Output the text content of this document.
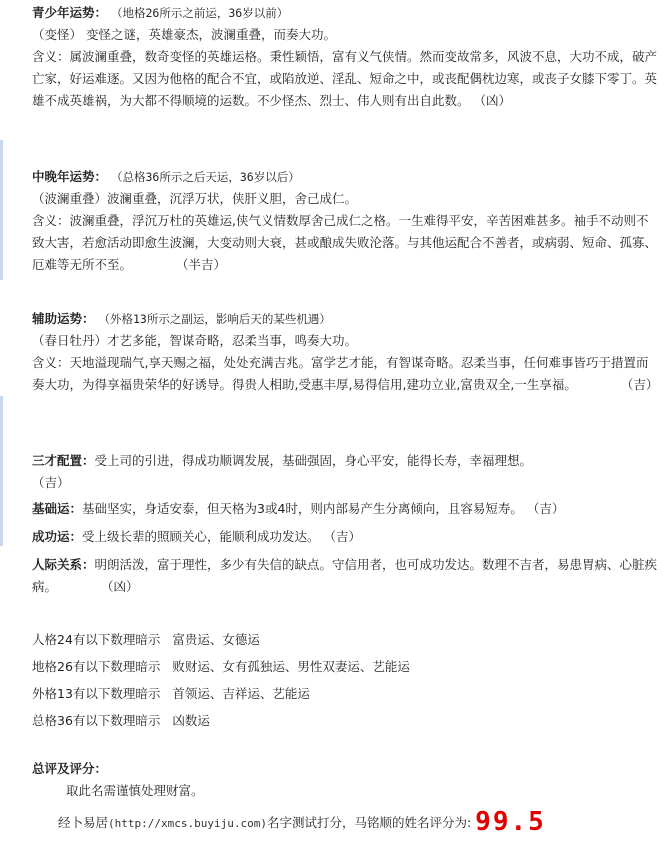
青少年运势： （地格26所示之前运，36岁以前）
（变怪） 变怪之谜，英雄豪杰，波澜重叠，而奏大功。
含义：属波澜重叠，数奇变怪的英雄运格。秉性颖悟，富有义气侠情。然而变故常多，风波不息，大功不成，破产亡家，好运难逐。又因为他格的配合不宜，或陷放逆、淫乱、短命之中，或丧配偶枕边寒，或丧子女膝下零丁。英雄不成英雄祸，为大都不得顺境的运数。不少怪杰、烈士、伟人则有出自此数。 （凶）
中晚年运势： （总格36所示之后天运，36岁以后）
（波澜重叠）波澜重叠，沉浮万状，侠肝义胆，舍己成仁。
含义：波澜重叠，浮沉万杜的英雄运,侠气义情数厚舍己成仁之格。一生难得平安，辛苦困难甚多。袖手不动则不致大害，若愈活动即愈生波澜，大变动则大衰，甚或酿成失败沦落。与其他运配合不善者，或病弱、短命、孤寡、厄难等无所不至。	（半吉）
辅助运势： （外格13所示之副运，影响后天的某些机遇）
（春日牡丹）才艺多能，智谋奇略，忍柔当事，鸣奏大功。
含义：天地溢现瑞气,享天赐之福，处处充满吉兆。富学艺才能，有智谋奇略。忍柔当事，任何难事皆巧于措置而奏大功，为得享福贵荣华的好诱导。得贵人相助,受惠丰厚,易得信用,建功立业,富贵双全,一生享福。	（吉）
三才配置：受上司的引进，得成功顺调发展，基础强固，身心平安，能得长寿，幸福理想。
（吉）
基础运：基础坚实，身适安泰，但天格为3或4时，则内部易产生分离倾向，且容易短寿。 （吉）
成功运：受上级长辈的照顾关心，能顺利成功发达。 （吉）
人际关系：明朗活泼，富于理性，多少有失信的缺点。守信用者，也可成功发达。数理不吉者，易患胃病、心脏疾病。	（凶）
人格24有以下数理暗示 富贵运、女德运
地格26有以下数理暗示 败财运、女有孤独运、男性双妻运、艺能运
外格13有以下数理暗示 首领运、吉祥运、艺能运
总格36有以下数理暗示 凶数运
总评及评分：
取此名需谨慎处理财富。
经卜易居(http://xmcs.buyiju.com)名字测试打分，马铭顺的姓名评分为: 99.5
